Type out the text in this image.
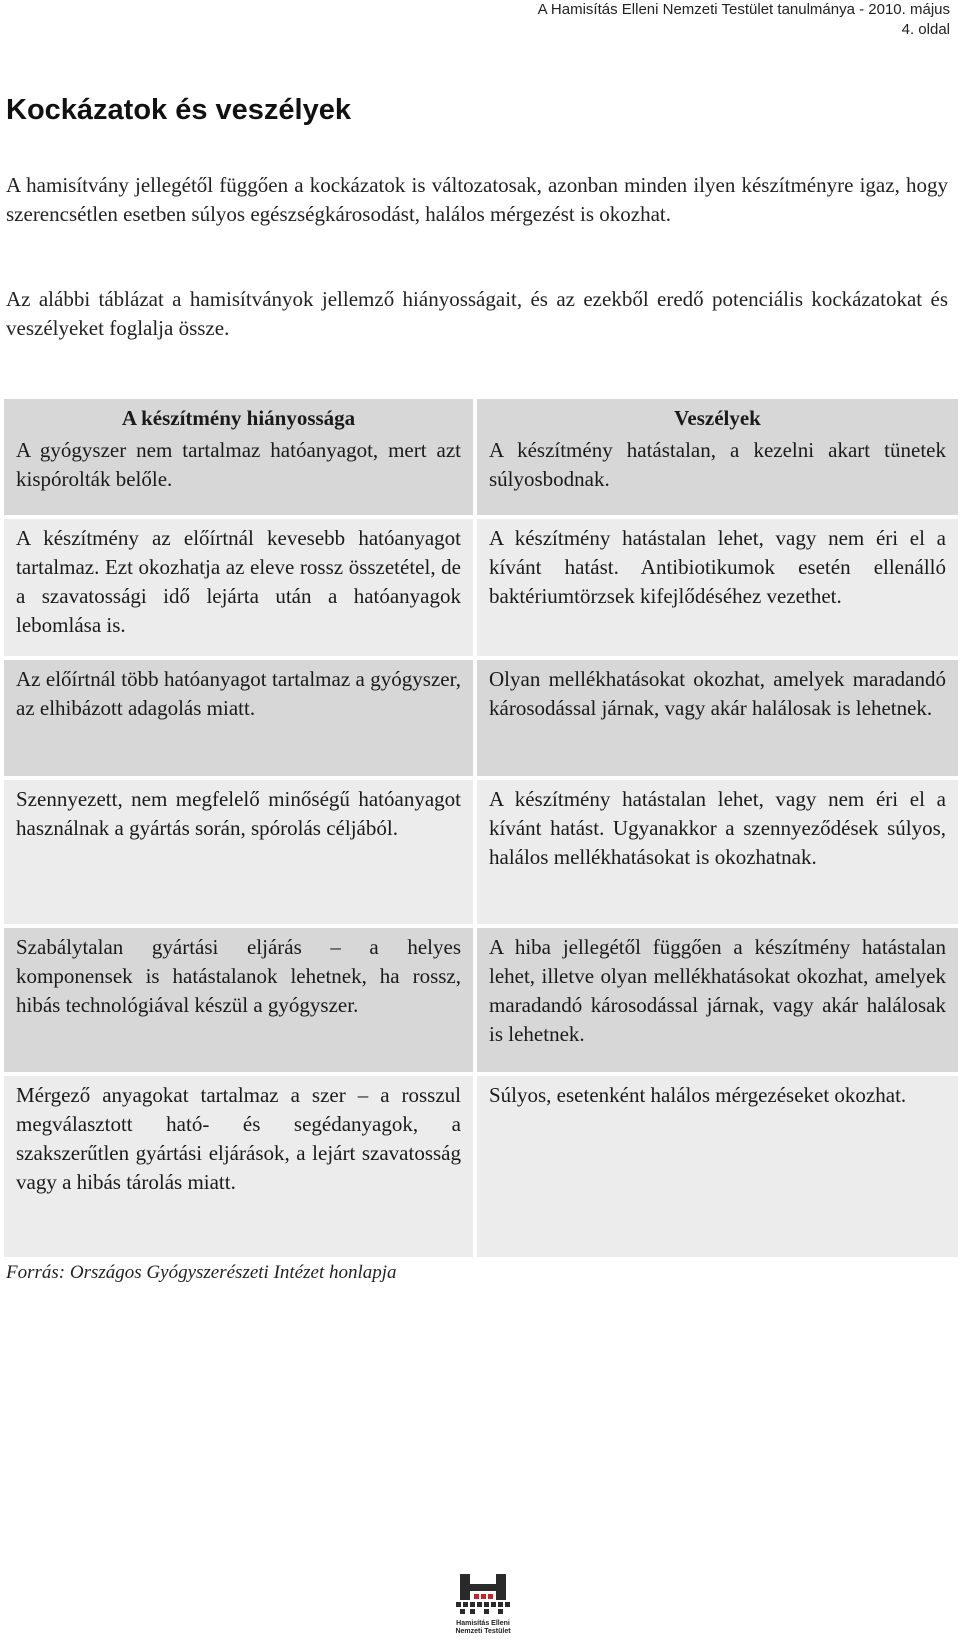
A Hamisítás Elleni Nemzeti Testület tanulmánya - 2010. május
4. oldal
Kockázatok és veszélyek

A hamisítvány jellegétől függően a kockázatok is változatosak, azonban minden ilyen készítményre igaz, hogy szerencsétlen esetben súlyos egészségkárosodást, halálos mérgezést is okozhat.

Az alábbi táblázat a hamisítványok jellemző hiányosságait, és az ezekből eredő potenciális kockázatokat és veszélyeket foglalja össze.

A készítmény hiányossága
A gyógyszer nem tartalmaz hatóanyagot, mert azt kispórolták belőle.
Veszélyek
A készítmény hatástalan, a kezelni akart tünetek súlyosbodnak.
A készítmény az előírtnál kevesebb hatóanyagot tartalmaz. Ezt okozhatja az eleve rossz összetétel, de a szavatossági idő lejárta után a hatóanyagok lebomlása is.
A készítmény hatástalan lehet, vagy nem éri el a kívánt hatást. Antibiotikumok esetén ellenálló baktériumtörzsek kifejlődéséhez vezethet.
Az előírtnál több hatóanyagot tartalmaz a gyógyszer, az elhibázott adagolás miatt.
Olyan mellékhatásokat okozhat, amelyek maradandó károsodással járnak, vagy akár halálosak is lehetnek.
Szennyezett, nem megfelelő minőségű hatóanyagot használnak a gyártás során, spórolás céljából.
A készítmény hatástalan lehet, vagy nem éri el a kívánt hatást. Ugyanakkor a szennyeződések súlyos, halálos mellékhatásokat is okozhatnak.
Szabálytalan gyártási eljárás – a helyes komponensek is hatástalanok lehetnek, ha rossz, hibás technológiával készül a gyógyszer.
A hiba jellegétől függően a készítmény hatástalan lehet, illetve olyan mellékhatásokat okozhat, amelyek maradandó károsodással járnak, vagy akár halálosak is lehetnek.
Mérgező anyagokat tartalmaz a szer – a rosszul megválasztott ható- és segédanyagok, a szakszerűtlen gyártási eljárások, a lejárt szavatosság vagy a hibás tárolás miatt.
Súlyos, esetenként halálos mérgezéseket okozhat.

Forrás: Országos Gyógyszerészeti Intézet honlapja

Hamisítás Elleni
Nemzeti Testület
